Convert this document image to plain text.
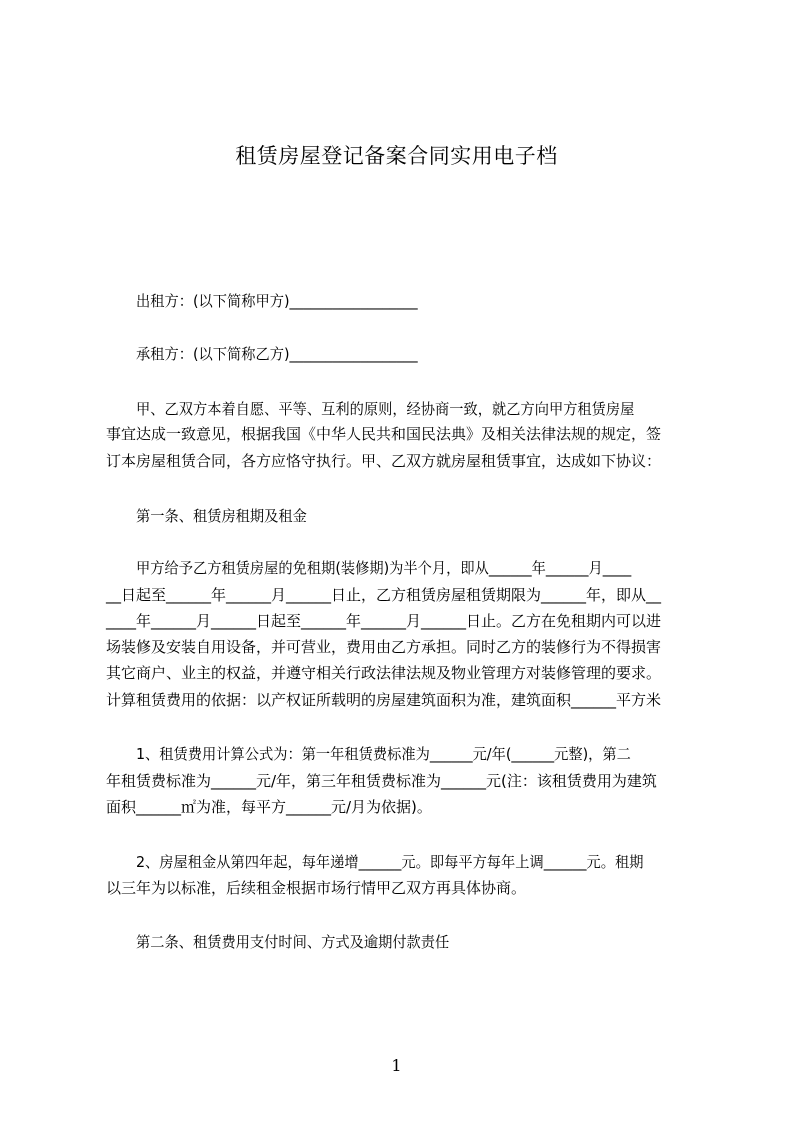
租赁房屋登记备案合同实用电子档

出租方：(以下简称甲方)__________________

承租方：(以下简称乙方)__________________

甲、乙双方本着自愿、平等、互利的原则，经协商一致，就乙方向甲方租赁房屋

事宜达成一致意见，根据我国《中华人民共和国民法典》及相关法律法规的规定，签

订本房屋租赁合同，各方应恪守执行。甲、乙双方就房屋租赁事宜，达成如下协议：

第一条、租赁房租期及租金

甲方给予乙方租赁房屋的免租期(装修期)为半个月，即从______年______月____

__日起至______年______月______日止，乙方租赁房屋租赁期限为______年，即从__

____年______月______日起至______年______月______日止。乙方在免租期内可以进

场装修及安装自用设备，并可营业，费用由乙方承担。同时乙方的装修行为不得损害

其它商户、业主的权益，并遵守相关行政法律法规及物业管理方对装修管理的要求。

计算租赁费用的依据：以产权证所载明的房屋建筑面积为准，建筑面积______平方米

1、租赁费用计算公式为：第一年租赁费标准为______元/年(______元整)，第二

年租赁费标准为______元/年，第三年租赁费标准为______元(注：该租赁费用为建筑

面积______㎡为准，每平方______元/月为依据)。

2、房屋租金从第四年起，每年递增______元。即每平方每年上调______元。租期

以三年为以标准，后续租金根据市场行情甲乙双方再具体协商。

第二条、租赁费用支付时间、方式及逾期付款责任

1
